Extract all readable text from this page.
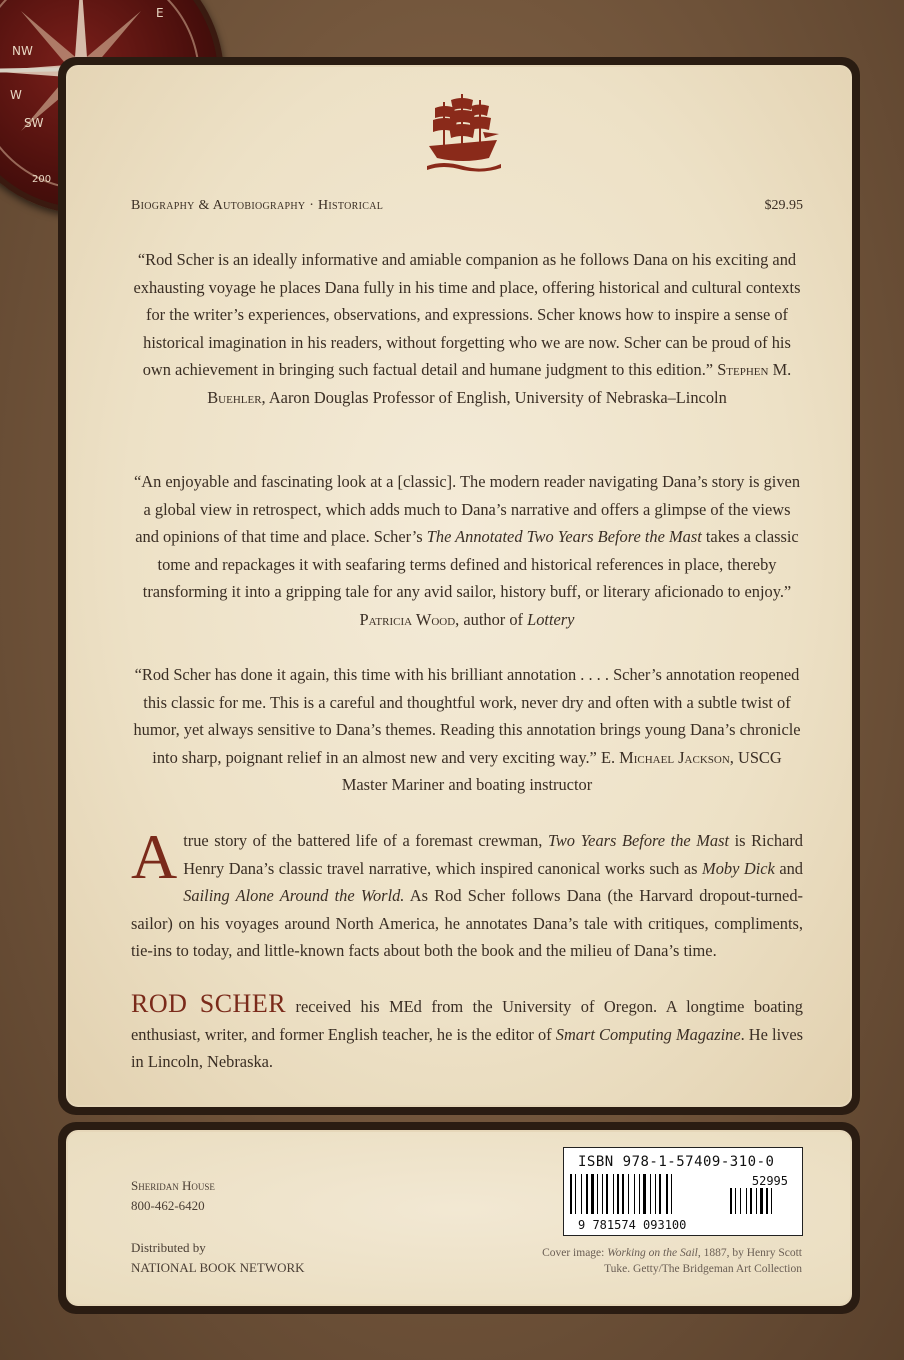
E
SW
W
NW
200
Biography & Autobiography · Historical	$29.95
“Rod Scher is an ideally informative and amiable companion as he follows Dana on his exciting and exhausting voyage he places Dana fully in his time and place, offering historical and cultural contexts for the writer’s experiences, observations, and expressions. Scher knows how to inspire a sense of historical imagination in his readers, without forgetting who we are now. Scher can be proud of his own achievement in bringing such factual detail and humane judgment to this edition.” Stephen M. Buehler, Aaron Douglas Professor of English, University of Nebraska–Lincoln
“An enjoyable and fascinating look at a [classic]. The modern reader navigating Dana’s story is given a global view in retrospect, which adds much to Dana’s narrative and offers a glimpse of the views and opinions of that time and place. Scher’s The Annotated Two Years Before the Mast takes a classic tome and repackages it with seafaring terms defined and historical references in place, thereby transforming it into a gripping tale for any avid sailor, history buff, or literary aficionado to enjoy.” Patricia Wood, author of Lottery
“Rod Scher has done it again, this time with his brilliant annotation . . . . Scher’s annotation reopened this classic for me. This is a careful and thoughtful work, never dry and often with a subtle twist of humor, yet always sensitive to Dana’s themes. Reading this annotation brings young Dana’s chronicle into sharp, poignant relief in an almost new and very exciting way.” E. Michael Jackson, USCG Master Mariner and boating instructor
A true story of the battered life of a foremast crewman, Two Years Before the Mast is Richard Henry Dana’s classic travel narrative, which inspired canonical works such as Moby Dick and Sailing Alone Around the World. As Rod Scher follows Dana (the Harvard dropout-turned-sailor) on his voyages around North America, he annotates Dana’s tale with critiques, compliments, tie-ins to today, and little-known facts about both the book and the milieu of Dana’s time.
ROD SCHER received his MEd from the University of Oregon. A longtime boating enthusiast, writer, and former English teacher, he is the editor of Smart Computing Magazine. He lives in Lincoln, Nebraska.
Sheridan House
800-462-6420
Distributed by
NATIONAL BOOK NETWORK
ISBN 978-1-57409-310-0
52995
9 781574 093100
Cover image: Working on the Sail, 1887, by Henry Scott Tuke. Getty/The Bridgeman Art Collection
